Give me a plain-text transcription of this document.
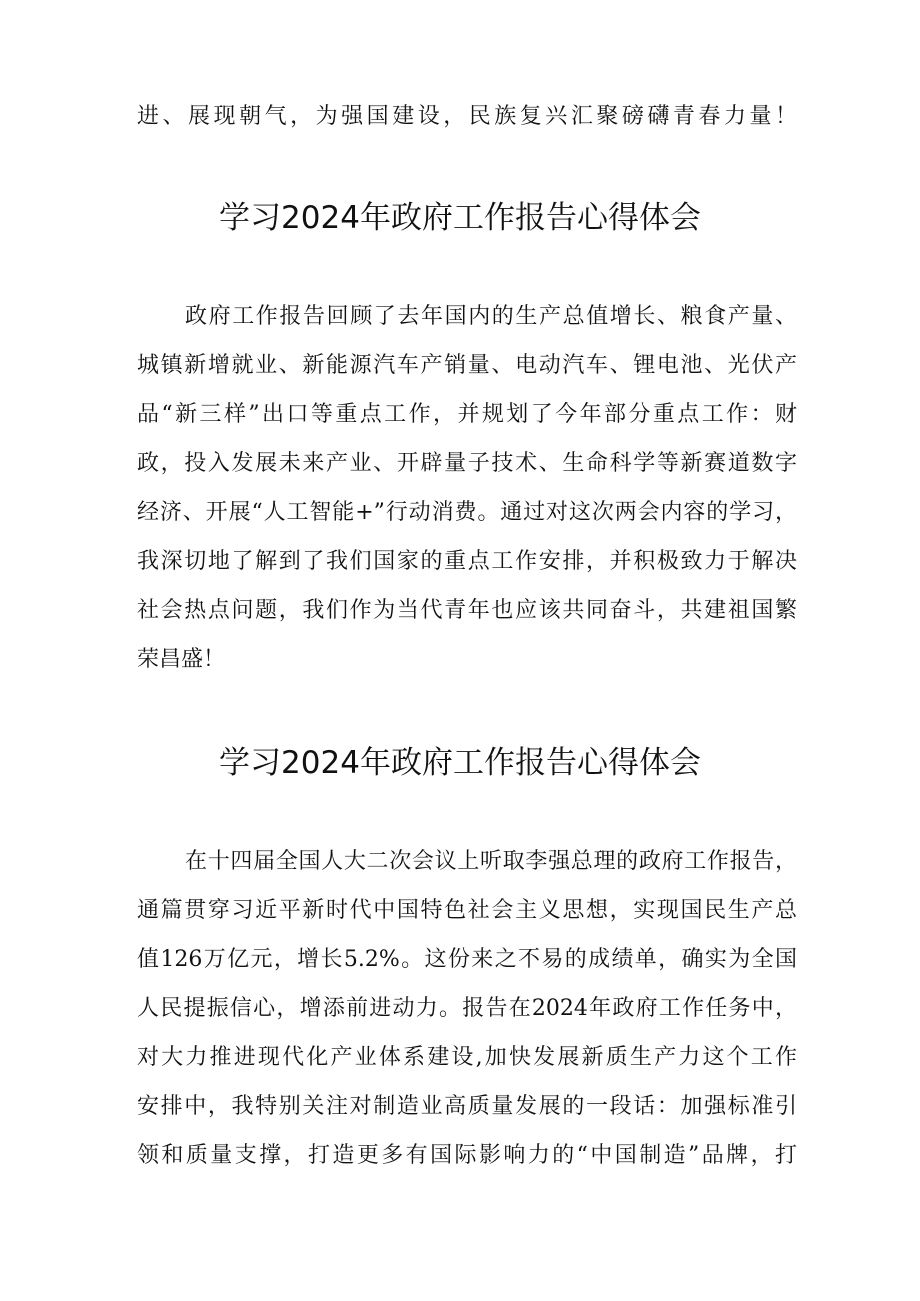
进、展现朝气，为强国建设，民族复兴汇聚磅礴青春力量！
学习2024年政府工作报告心得体会
政府工作报告回顾了去年国内的生产总值增长、粮食产量、
城镇新增就业、新能源汽车产销量、电动汽车、锂电池、光伏产
品“新三样”出口等重点工作，并规划了今年部分重点工作：财
政，投入发展未来产业、开辟量子技术、生命科学等新赛道数字
经济、开展“人工智能+”行动消费。通过对这次两会内容的学习，
我深切地了解到了我们国家的重点工作安排，并积极致力于解决
社会热点问题，我们作为当代青年也应该共同奋斗，共建祖国繁
荣昌盛！
学习2024年政府工作报告心得体会
在十四届全国人大二次会议上听取李强总理的政府工作报告，
通篇贯穿习近平新时代中国特色社会主义思想，实现国民生产总
值126万亿元，增长5.2%。这份来之不易的成绩单，确实为全国
人民提振信心，增添前进动力。报告在2024年政府工作任务中，
对大力推进现代化产业体系建设,加快发展新质生产力这个工作
安排中，我特别关注对制造业高质量发展的一段话：加强标准引
领和质量支撑，打造更多有国际影响力的“中国制造”品牌，打
